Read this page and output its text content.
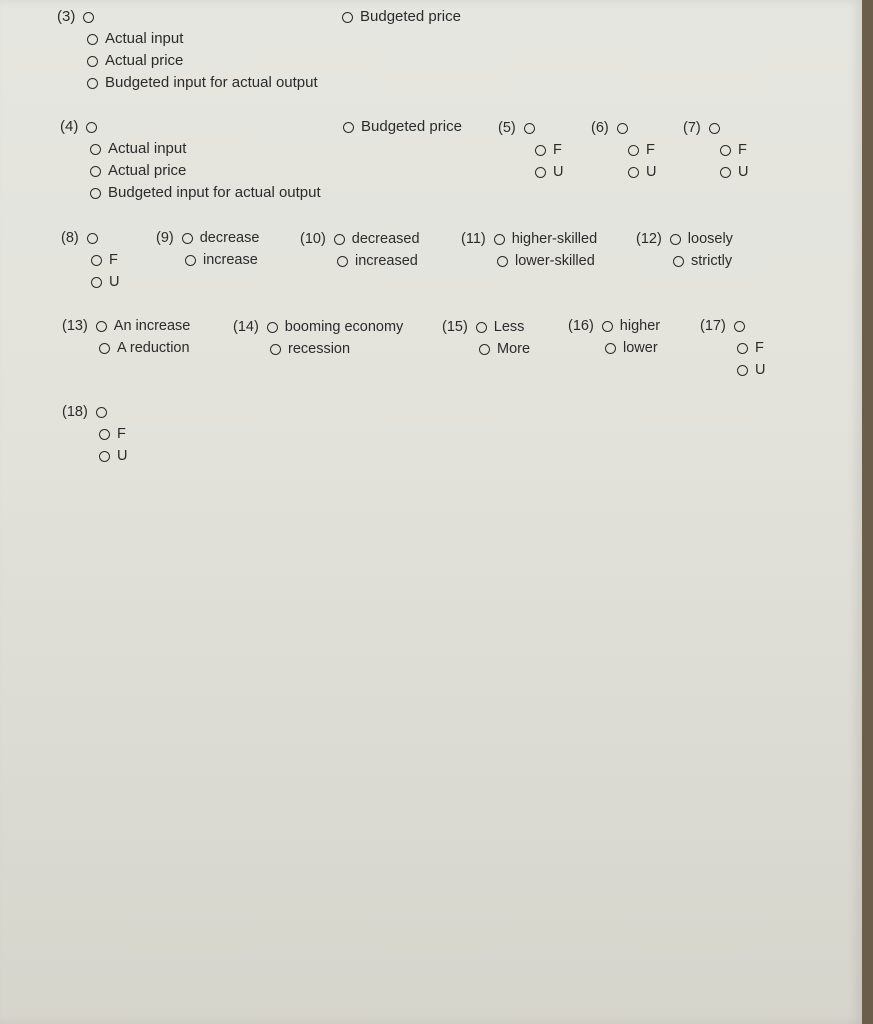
(3)
Actual input
Actual price
Budgeted input for actual output
Budgeted price
(4)
Actual input
Actual price
Budgeted input for actual output
Budgeted price (5)
F
U
(6)
F
U
(7)
F
U
(8)
F
U
(9) decrease
increase
(10) decreased
increased
(11) higher-skilled
lower-skilled
(12) loosely
strictly
(13) An increase
A reduction
(14) booming economy
recession
(15) Less
More
(16) higher
lower
(17)
F
U
(18)
F
U
